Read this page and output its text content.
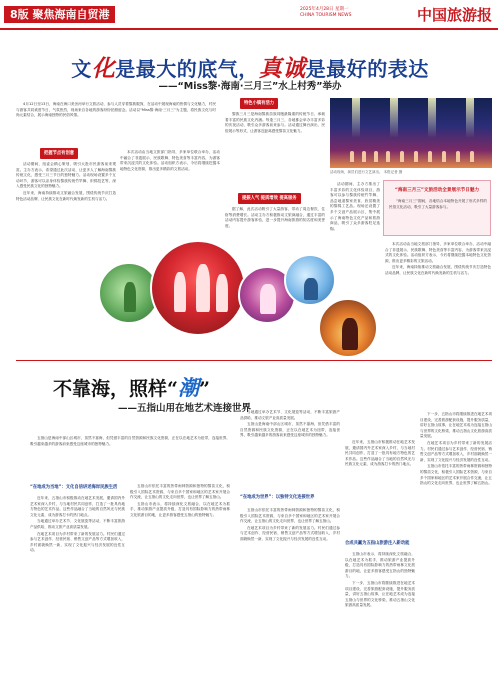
8版 聚焦海南自贸港	2025年4月28日 星期一
CHINA TOURISM NEWS	中国旅游报
文化是最大的底气，真诚是最好的表达
——“Miss黎·海南·三月三”水上村秀”举办

4月12日至13日，海南在海口美舍河举行文旅活动，参与人员穿着黎族服饰，在活动中展现海南的热情与文化魅力，村民与游客共同欢度节日，气氛热烈，现场来自各地的游客纷纷拍照留念。活动以“Miss黎·海南·三月三”为主题，将民族文化与时尚元素结合，展示海南独特的民俗风情。

把握节点有创意

活动期间，组委会精心策划，吸引大批市民游客前来观赏。主办方表示，希望通过此次活动，让更多人了解海南黎族传统文化，感受三月三节日的独特魅力。活动现场设置多个互动环节，游客可以亲身体验黎族传统竹竿舞、织锦技艺等，深入感受民族文化的独特魅力。

近年来，海南持续推动文旅融合发展，围绕传统节庆打造特色活动品牌，让民族文化在新时代焕发新的生机与活力。

本次活动由当地文旅部门指导，多家单位联合举办，活动中融合了非遗展示、民族歌舞、特色美食等丰富内容，为游客带来沉浸式的文化体验。活动组织方表示，今后将继续挖掘本地特色文化资源，推出更多精彩的文旅活动。

特色小镇有活力

黎族三月三是海南黎族苗族同胞最隆重的传统节日，承载着丰富的民族文化内涵。每逢三月三，各地都会举办丰富多彩的庆祝活动，吸引众多游客前来参与。活动通过舞台演出、民俗展示等形式，让游客近距离感受黎苗文化魅力。

提振人气 提质增效 提高服务

据了解，此次活动吸引了大量游客，带动了周边餐饮、住宿等消费增长。活动主办方积极推动文旅商融合，通过丰富的活动内容提升游客体验，进一步提升海南旅游的知名度和美誉度。

活动现场，演员们进行文艺演出。 本报记者 摄

活动期间，主办方推出了丰富多彩的文化体验项目，游客可以参与黎族传统竹竿舞、品尝地道黎家美食、欣赏精美的黎锦工艺品。现场还设置了多个文创产品展示区，集中展示了海南特色文化产品和旅游商品，吸引了众多游客驻足选购。

“海南三月三”文旅活动全景展示节日魅力

“海南三月三”期间，各地结合本地特色开展了形式多样的民俗文化活动，吸引了大量游客参与。

本次活动由当地文旅部门指导，多家单位联合举办，活动中融合了非遗展示、民族歌舞、特色美食等丰富内容，为游客带来沉浸式的文化体验。活动组织方表示，今后将继续挖掘本地特色文化资源，推出更多精彩的文旅活动。

近年来，海南持续推动文旅融合发展，围绕传统节庆打造特色活动品牌，让民族文化在新时代焕发新的生机与活力。

不靠海，照样“潮”
——五指山用在地艺术连接世界

五指山是海南中部山区城市，虽然不靠海，但凭借丰富的自然资源和民族文化资源，正在以在地艺术为纽带，连接世界，吸引越来越多的游客前来感受这座城市的独特魅力。

“在地成为当地”：文化自信讲述海岸民族生活

近年来，五指山市积极推动在地艺术发展，邀请国内外艺术家深入乡村，与当地村民共同创作，打造了一批具有地方特色的艺术作品。这些作品融合了当地的自然风光与民族文化元素，成为游客打卡的热门地点。

当地通过举办艺术节、文化展览等活动，不断丰富旅游产品供给，推动文旅产业高质量发展。

在地艺术项目为乡村带来了新的发展活力。村民们通过参与艺术创作、经营民宿、销售文创产品等方式增加收入，乡村面貌焕然一新，实现了文化振兴与经济发展的良性互动。

五指山市依托丰富的热带雨林资源和独特的黎苗文化，积极引入国际艺术资源，与来自多个国家和地区的艺术家开展合作交流，让五指山的文化走向世界，也让世界了解五指山。

五指山市表示，将持续深化文旅融合，以在地艺术为抓手，推动旅游产业提质升级，打造具有国际影响力的热带雨林文化旅游目的地，让更多游客感受五指山的独特魅力。

当地通过举办艺术节、文化展览等活动，不断丰富旅游产品供给，推动文旅产业高质量发展。

五指山是海南中部山区城市，虽然不靠海，但凭借丰富的自然资源和民族文化资源，正在以在地艺术为纽带，连接世界，吸引越来越多的游客前来感受这座城市的独特魅力。

“在地成为世界”：以独特文化连接世界

五指山市依托丰富的热带雨林资源和独特的黎苗文化，积极引入国际艺术资源，与来自多个国家和地区的艺术家开展合作交流，让五指山的文化走向世界，也让世界了解五指山。

在地艺术项目为乡村带来了新的发展活力。村民们通过参与艺术创作、经营民宿、销售文创产品等方式增加收入，乡村面貌焕然一新，实现了文化振兴与经济发展的良性互动。

近年来，五指山市积极推动在地艺术发展，邀请国内外艺术家深入乡村，与当地村民共同创作，打造了一批具有地方特色的艺术作品。这些作品融合了当地的自然风光与民族文化元素，成为游客打卡的热门地点。

合成共赢为五指山旅游注入新动能

五指山市表示，将持续深化文旅融合，以在地艺术为抓手，推动旅游产业提质升级，打造具有国际影响力的热带雨林文化旅游目的地，让更多游客感受五指山的独特魅力。

下一步，五指山市将继续推进在地艺术项目建设，完善旅游配套设施，提升服务质量，讲好五指山故事，让在地艺术成为连接五指山与世界的文化桥梁，推动五指山文化旅游高质量发展。

下一步，五指山市将继续推进在地艺术项目建设，完善旅游配套设施，提升服务质量，讲好五指山故事，让在地艺术成为连接五指山与世界的文化桥梁，推动五指山文化旅游高质量发展。

在地艺术项目为乡村带来了新的发展活力。村民们通过参与艺术创作、经营民宿、销售文创产品等方式增加收入，乡村面貌焕然一新，实现了文化振兴与经济发展的良性互动。

五指山市依托丰富的热带雨林资源和独特的黎苗文化，积极引入国际艺术资源，与来自多个国家和地区的艺术家开展合作交流，让五指山的文化走向世界，也让世界了解五指山。
